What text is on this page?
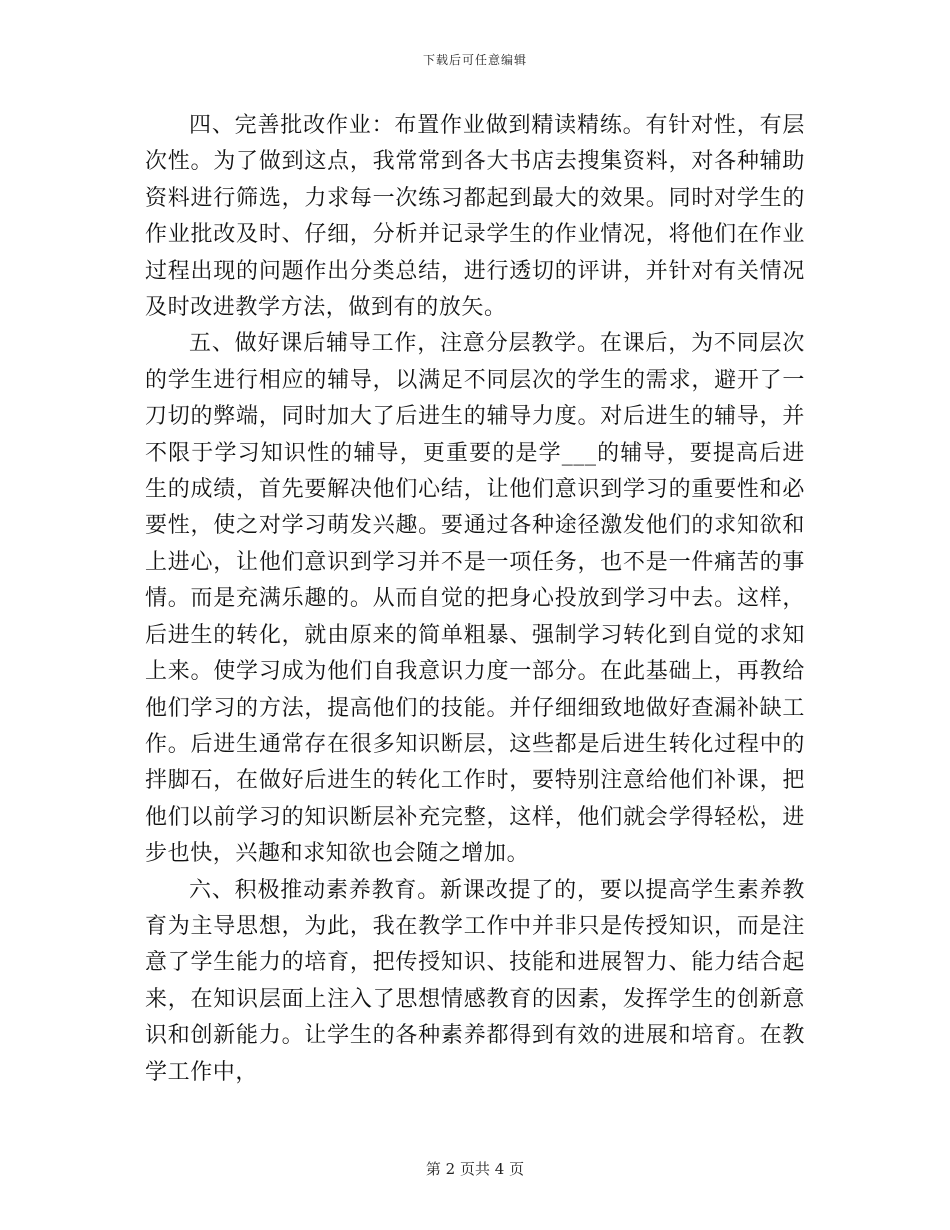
下载后可任意编辑

四、完善批改作业：布置作业做到精读精练。有针对性，有层次性。为了做到这点，我常常到各大书店去搜集资料，对各种辅助资料进行筛选，力求每一次练习都起到最大的效果。同时对学生的作业批改及时、仔细，分析并记录学生的作业情况，将他们在作业过程出现的问题作出分类总结，进行透切的评讲，并针对有关情况及时改进教学方法，做到有的放矢。

五、做好课后辅导工作，注意分层教学。在课后，为不同层次的学生进行相应的辅导，以满足不同层次的学生的需求，避开了一刀切的弊端，同时加大了后进生的辅导力度。对后进生的辅导，并不限于学习知识性的辅导，更重要的是学___的辅导，要提高后进生的成绩，首先要解决他们心结，让他们意识到学习的重要性和必要性，使之对学习萌发兴趣。要通过各种途径激发他们的求知欲和上进心，让他们意识到学习并不是一项任务，也不是一件痛苦的事情。而是充满乐趣的。从而自觉的把身心投放到学习中去。这样，后进生的转化，就由原来的简单粗暴、强制学习转化到自觉的求知上来。使学习成为他们自我意识力度一部分。在此基础上，再教给他们学习的方法，提高他们的技能。并仔细细致地做好查漏补缺工作。后进生通常存在很多知识断层，这些都是后进生转化过程中的拌脚石，在做好后进生的转化工作时，要特别注意给他们补课，把他们以前学习的知识断层补充完整，这样，他们就会学得轻松，进步也快，兴趣和求知欲也会随之增加。

六、积极推动素养教育。新课改提了的，要以提高学生素养教育为主导思想，为此，我在教学工作中并非只是传授知识，而是注意了学生能力的培育，把传授知识、技能和进展智力、能力结合起来，在知识层面上注入了思想情感教育的因素，发挥学生的创新意识和创新能力。让学生的各种素养都得到有效的进展和培育。在教学工作中，

第 2 页共 4 页
